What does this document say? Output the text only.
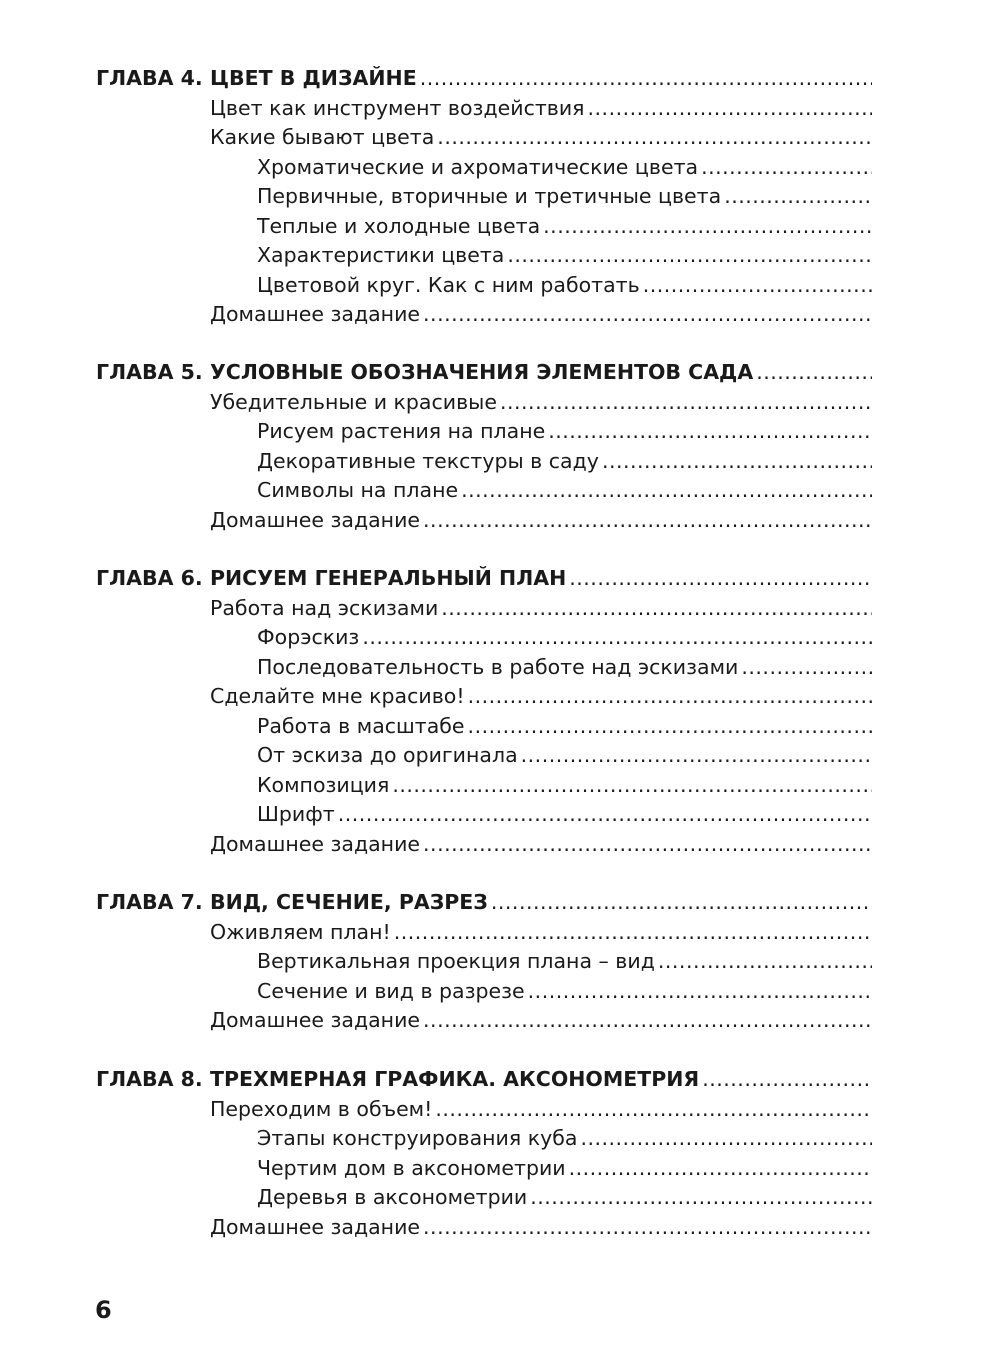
ГЛАВА 4. ЦВЕТ В ДИЗАЙНЕ
.....
Цвет как инструмент воздействия
.....
Какие бывают цвета
.....
Хроматические и ахроматические цвета
.....
Первичные, вторичные и третичные цвета
.....
Теплые и холодные цвета
.....
Характеристики цвета
.....
Цветовой круг. Как с ним работать
.....
Домашнее задание
.....
ГЛАВА 5. УСЛОВНЫЕ ОБОЗНАЧЕНИЯ ЭЛЕМЕНТОВ САДА
.....
Убедительные и красивые
.....
Рисуем растения на плане
.....
Декоративные текстуры в саду
.....
Символы на плане
.....
Домашнее задание
.....
ГЛАВА 6. РИСУЕМ ГЕНЕРАЛЬНЫЙ ПЛАН
.....
Работа над эскизами
.....
Форэскиз
.....
Последовательность в работе над эскизами
.....
Сделайте мне красиво!
.....
Работа в масштабе
.....
От эскиза до оригинала
.....
Композиция
.....
Шрифт
.....
Домашнее задание
.....
ГЛАВА 7. ВИД, СЕЧЕНИЕ, РАЗРЕЗ
.....
Оживляем план!
.....
Вертикальная проекция плана – вид
.....
Сечение и вид в разрезе
.....
Домашнее задание
.....
ГЛАВА 8. ТРЕХМЕРНАЯ ГРАФИКА. АКСОНОМЕТРИЯ
.....
Переходим в объем!
.....
Этапы конструирования куба
.....
Чертим дом в аксонометрии
.....
Деревья в аксонометрии
.....
Домашнее задание
.....
6
